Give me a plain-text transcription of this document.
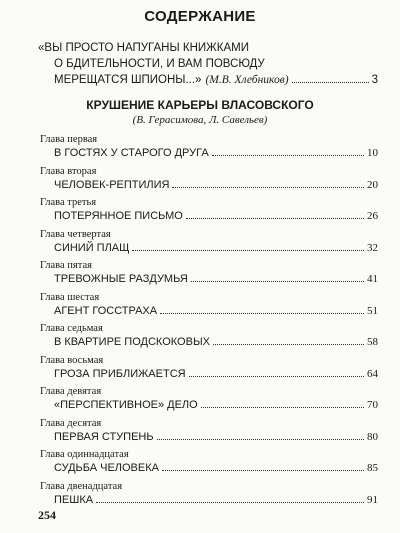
СОДЕРЖАНИЕ
«ВЫ ПРОСТО НАПУГАНЫ КНИЖКАМИ
О БДИТЕЛЬНОСТИ, И ВАМ ПОВСЮДУ
МЕРЕЩАТСЯ ШПИОНЫ...» (М.В. Хлебников)	3
КРУШЕНИЕ КАРЬЕРЫ ВЛАСОВСКОГО
(В. Герасимова, Л. Савельев)
Глава первая
В ГОСТЯХ У СТАРОГО ДРУГА	10
Глава вторая
ЧЕЛОВЕК-РЕПТИЛИЯ	20
Глава третья
ПОТЕРЯННОЕ ПИСЬМО	26
Глава четвертая
СИНИЙ ПЛАЩ	32
Глава пятая
ТРЕВОЖНЫЕ РАЗДУМЬЯ	41
Глава шестая
АГЕНТ ГОССТРАХА	51
Глава седьмая
В КВАРТИРЕ ПОДСКОКОВЫХ	58
Глава восьмая
ГРОЗА ПРИБЛИЖАЕТСЯ	64
Глава девятая
«ПЕРСПЕКТИВНОЕ» ДЕЛО	70
Глава десятая
ПЕРВАЯ СТУПЕНЬ	80
Глава одиннадцатая
СУДЬБА ЧЕЛОВЕКА	85
Глава двенадцатая
ПЕШКА	91
254
